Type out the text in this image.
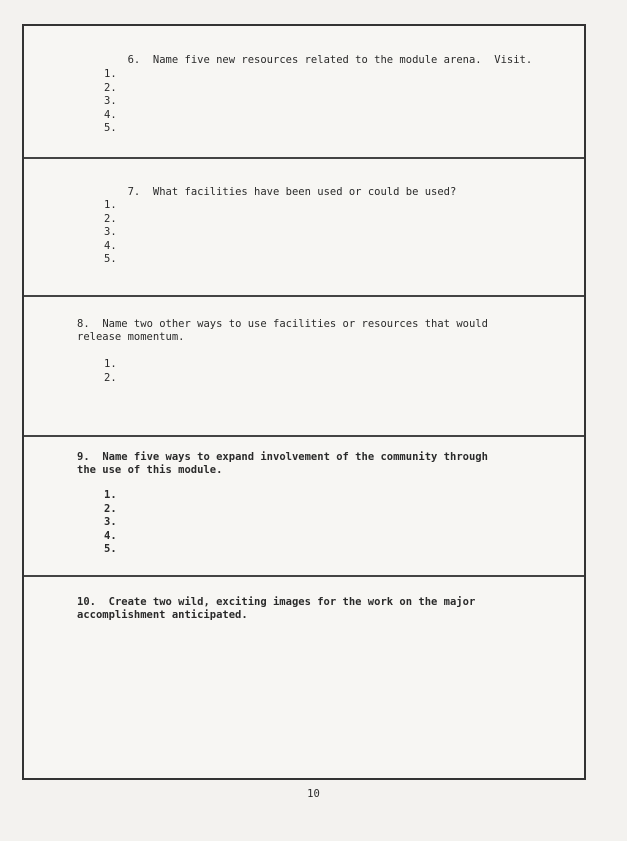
6. Name five new resources related to the module arena.  Visit.

1.
2.
3.
4.
5.

7. What facilities have been used or could be used?

1.
2.
3.
4.
5.
8. Name two other ways to use facilities or resources that would
release momentum.
1.
2.
9. Name five ways to expand involvement of the community through
the use of this module.
1.
2.
3.
4.
5.
10. Create two wild, exciting images for the work on the major
accomplishment anticipated.
10
